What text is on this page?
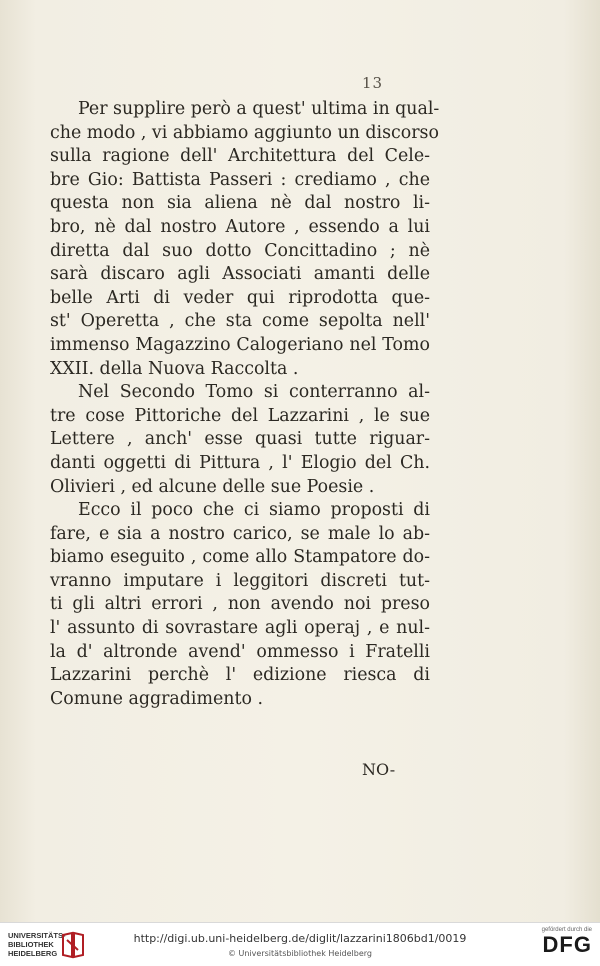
13
Per supplire però a quest' ultima in qual-
che modo , vi abbiamo aggiunto un discorso
sulla ragione dell' Architettura del Cele-
bre Gio: Battista Passeri : crediamo , che
questa non sia aliena nè dal nostro li-
bro, nè dal nostro Autore , essendo a lui
diretta dal suo dotto Concittadino ; nè
sarà discaro agli Associati amanti delle
belle Arti di veder qui riprodotta que-
st' Operetta , che sta come sepolta nell'
immenso Magazzino Calogeriano nel Tomo
XXII. della Nuova Raccolta .
Nel Secondo Tomo si conterranno al-
tre cose Pittoriche del Lazzarini , le sue
Lettere , anch' esse quasi tutte riguar-
danti oggetti di Pittura , l' Elogio del Ch.
Olivieri , ed alcune delle sue Poesie .
Ecco il poco che ci siamo proposti di
fare, e sia a nostro carico, se male lo ab-
biamo eseguito , come allo Stampatore do-
vranno imputare i leggitori discreti tut-
ti gli altri errori , non avendo noi preso
l' assunto di sovrastare agli operaj , e nul-
la d' altronde avend' ommesso i Fratelli
Lazzarini perchè l' edizione riesca di
Comune aggradimento .
NO-
UNIVERSITÄTS-
BIBLIOTHEK
HEIDELBERG
http://digi.ub.uni-heidelberg.de/diglit/lazzarini1806bd1/0019
© Universitätsbibliothek Heidelberg
gefördert durch die
DFG
